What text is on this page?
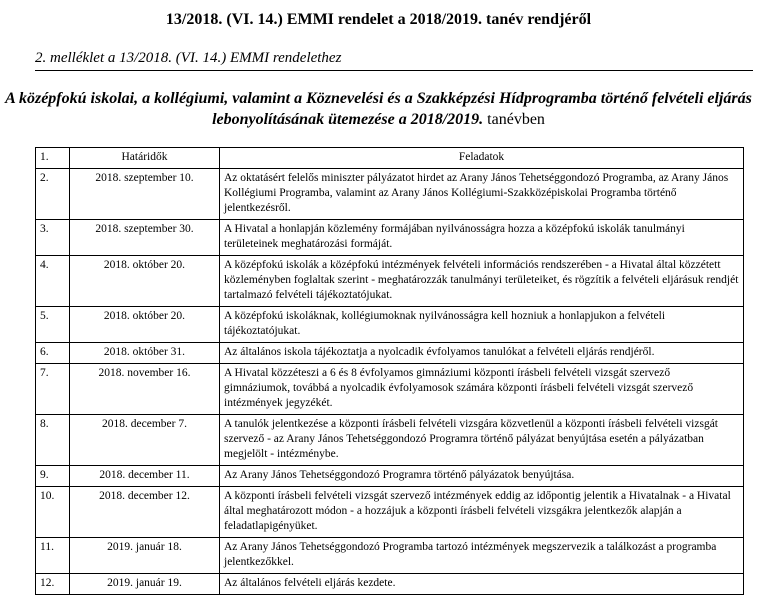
13/2018. (VI. 14.) EMMI rendelet a 2018/2019. tanév rendjéről
2. melléklet a 13/2018. (VI. 14.) EMMI rendelethez
A középfokú iskolai, a kollégiumi, valamint a Köznevelési és a Szakképzési Hídprogramba történő felvételi eljárás lebonyolításának ütemezése a 2018/2019. tanévben
1.	Határidők	Feladatok
2.	2018. szeptember 10.	Az oktatásért felelős miniszter pályázatot hirdet az Arany János Tehetséggondozó Programba, az Arany János Kollégiumi Programba, valamint az Arany János Kollégiumi-Szakközépiskolai Programba történő jelentkezésről.
3.	2018. szeptember 30.	A Hivatal a honlapján közlemény formájában nyilvánosságra hozza a középfokú iskolák tanulmányi területeinek meghatározási formáját.
4.	2018. október 20.	A középfokú iskolák a középfokú intézmények felvételi információs rendszerében - a Hivatal által közzétett közleményben foglaltak szerint - meghatározzák tanulmányi területeiket, és rögzítik a felvételi eljárásuk rendjét tartalmazó felvételi tájékoztatójukat.
5.	2018. október 20.	A középfokú iskoláknak, kollégiumoknak nyilvánosságra kell hozniuk a honlapjukon a felvételi tájékoztatójukat.
6.	2018. október 31.	Az általános iskola tájékoztatja a nyolcadik évfolyamos tanulókat a felvételi eljárás rendjéről.
7.	2018. november 16.	A Hivatal közzéteszi a 6 és 8 évfolyamos gimnáziumi központi írásbeli felvételi vizsgát szervező gimnáziumok, továbbá a nyolcadik évfolyamosok számára központi írásbeli felvételi vizsgát szervező intézmények jegyzékét.
8.	2018. december 7.	A tanulók jelentkezése a központi írásbeli felvételi vizsgára közvetlenül a központi írásbeli felvételi vizsgát szervező - az Arany János Tehetséggondozó Programra történő pályázat benyújtása esetén a pályázatban megjelölt - intézménybe.
9.	2018. december 11.	Az Arany János Tehetséggondozó Programra történő pályázatok benyújtása.
10.	2018. december 12.	A központi írásbeli felvételi vizsgát szervező intézmények eddig az időpontig jelentik a Hivatalnak - a Hivatal által meghatározott módon - a hozzájuk a központi írásbeli felvételi vizsgákra jelentkezők alapján a feladatlapigényüket.
11.	2019. január 18.	Az Arany János Tehetséggondozó Programba tartozó intézmények megszervezik a találkozást a programba jelentkezőkkel.
12.	2019. január 19.	Az általános felvételi eljárás kezdete.
